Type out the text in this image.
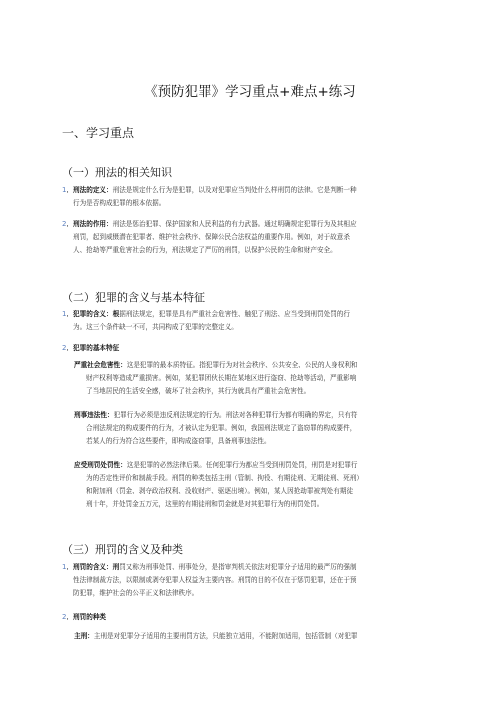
《预防犯罪》学习重点+难点+练习
一、学习重点
（一）刑法的相关知识
1．刑法的定义：刑法是规定什么行为是犯罪，以及对犯罪应当判处什么样刑罚的法律。它是判断一种
行为是否构成犯罪的根本依据。
2．刑法的作用：刑法是惩治犯罪、保护国家和人民利益的有力武器。通过明确规定犯罪行为及其相应
刑罚，起到威慑潜在犯罪者、维护社会秩序、保障公民合法权益的重要作用。例如，对于故意杀
人、抢劫等严重危害社会的行为，刑法规定了严厉的刑罚，以保护公民的生命和财产安全。
（二）犯罪的含义与基本特征
1．犯罪的含义：根据刑法规定，犯罪是具有严重社会危害性、触犯了刑法、应当受到刑罚处罚的行
为。这三个条件缺一不可，共同构成了犯罪的完整定义。
2．犯罪的基本特征
严重社会危害性：这是犯罪的最本质特征。指犯罪行为对社会秩序、公共安全、公民的人身权利和
财产权利等造成严重损害。例如，某犯罪团伙长期在某地区进行盗窃、抢劫等活动，严重影响
了当地居民的生活安全感，破坏了社会秩序，其行为就具有严重社会危害性。
刑事违法性：犯罪行为必须是违反刑法规定的行为。刑法对各种犯罪行为都有明确的界定，只有符
合刑法规定的构成要件的行为，才被认定为犯罪。例如，我国刑法规定了盗窃罪的构成要件，
若某人的行为符合这些要件，即构成盗窃罪，具备刑事违法性。
应受刑罚处罚性：这是犯罪的必然法律后果。任何犯罪行为都应当受到刑罚处罚，刑罚是对犯罪行
为的否定性评价和制裁手段。刑罚的种类包括主刑（管制、拘役、有期徒刑、无期徒刑、死刑）
和附加刑（罚金、剥夺政治权利、没收财产、驱逐出境）。例如，某人因抢劫罪被判处有期徒
刑十年，并处罚金五万元，这里的有期徒刑和罚金就是对其犯罪行为的刑罚处罚。
（三）刑罚的含义及种类
1．刑罚的含义：刑罚又称为刑事处罚、刑事处分，是指审判机关依法对犯罪分子适用的最严厉的强制
性法律制裁方法，以限制或剥夺犯罪人权益为主要内容。刑罚的目的不仅在于惩罚犯罪，还在于预
防犯罪，维护社会的公平正义和法律秩序。
2．刑罚的种类
主刑：主刑是对犯罪分子适用的主要刑罚方法，只能独立适用，不能附加适用，包括管制（对犯罪
